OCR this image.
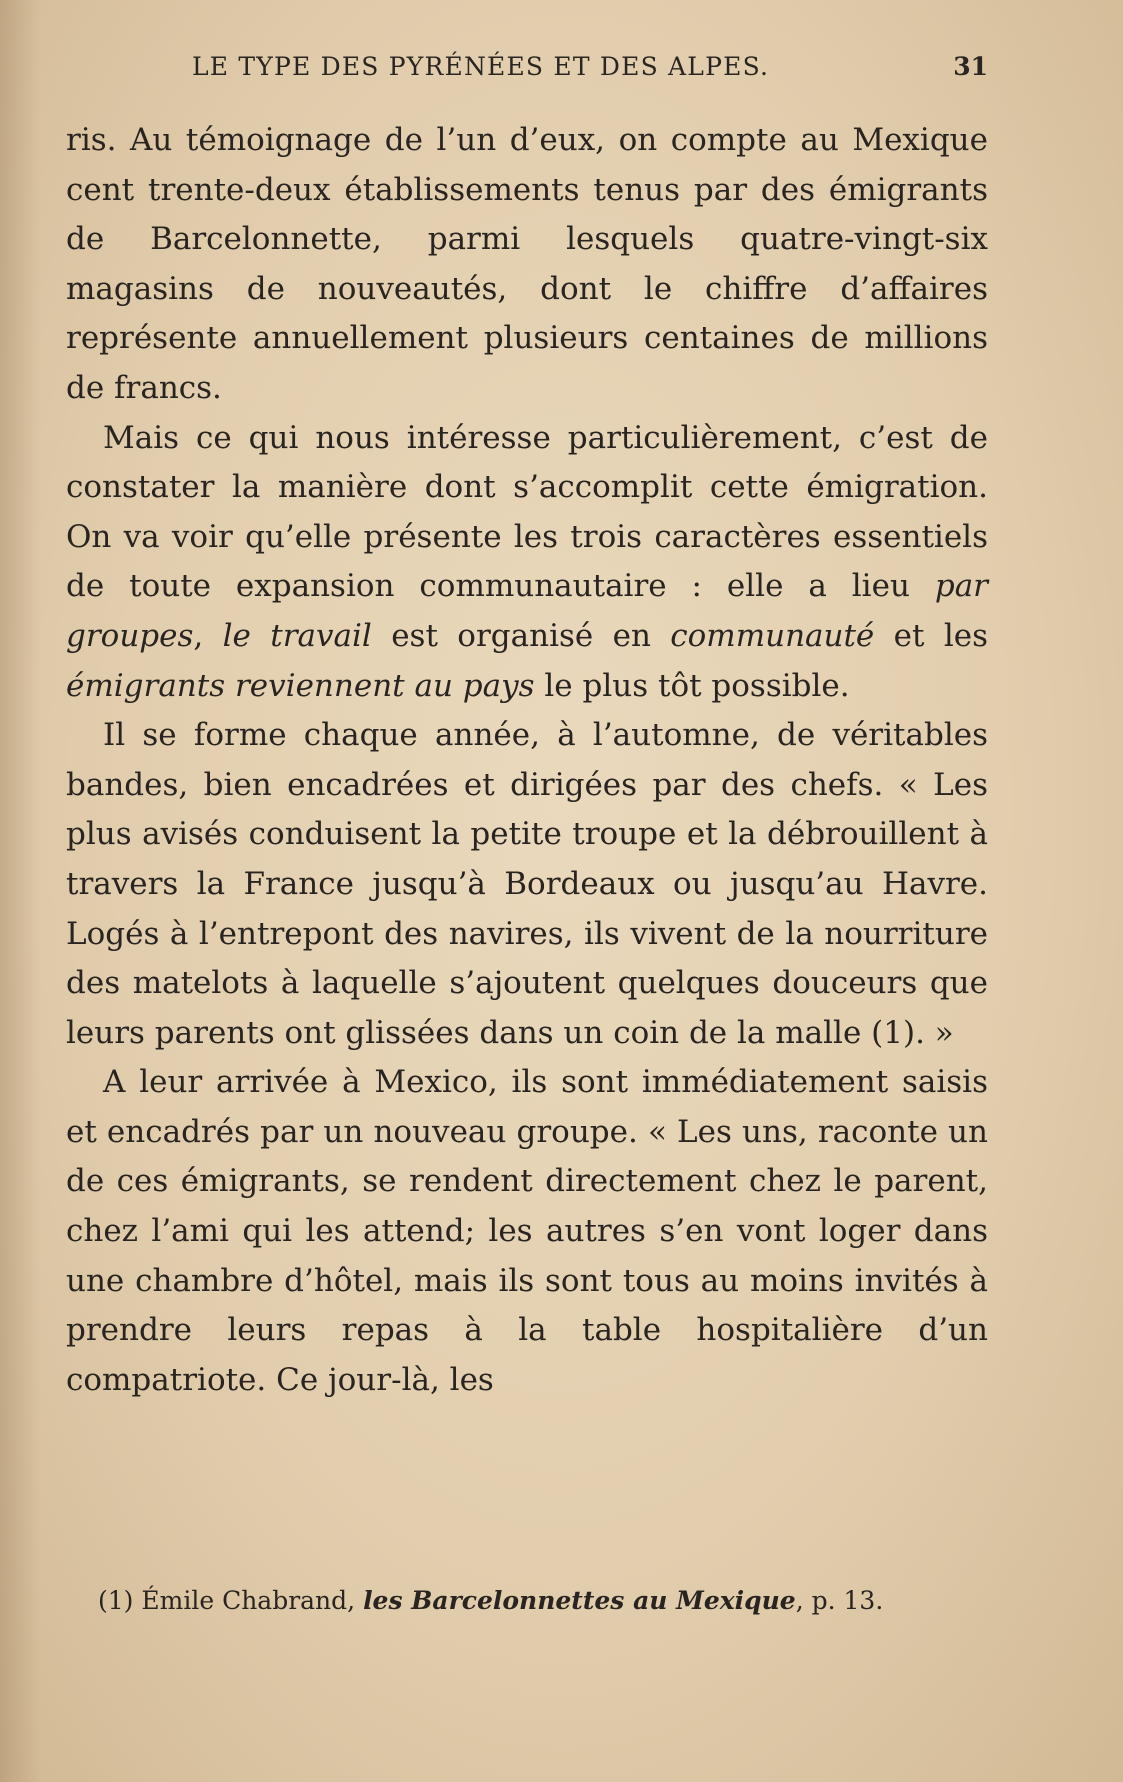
LE TYPE DES PYRÉNÉES ET DES ALPES.	31

ris. Au témoignage de l’un d’eux, on compte au Mexique cent trente-deux établissements tenus par des émigrants de Barcelonnette, parmi lesquels quatre-vingt-six magasins de nouveautés, dont le chiffre d’affaires représente annuellement plusieurs centaines de millions de francs.

Mais ce qui nous intéresse particulièrement, c’est de constater la manière dont s’accomplit cette émigration. On va voir qu’elle présente les trois caractères essentiels de toute expansion communautaire : elle a lieu par groupes, le travail est organisé en communauté et les émigrants reviennent au pays le plus tôt possible.

Il se forme chaque année, à l’automne, de véritables bandes, bien encadrées et dirigées par des chefs. « Les plus avisés conduisent la petite troupe et la débrouillent à travers la France jusqu’à Bordeaux ou jusqu’au Havre. Logés à l’entrepont des navires, ils vivent de la nourriture des matelots à laquelle s’ajoutent quelques douceurs que leurs parents ont glissées dans un coin de la malle (1). »

A leur arrivée à Mexico, ils sont immédiatement saisis et encadrés par un nouveau groupe. « Les uns, raconte un de ces émigrants, se rendent directement chez le parent, chez l’ami qui les attend; les autres s’en vont loger dans une chambre d’hôtel, mais ils sont tous au moins invités à prendre leurs repas à la table hospitalière d’un compatriote. Ce jour-là, les

(1) Émile Chabrand, les Barcelonnettes au Mexique, p. 13.
